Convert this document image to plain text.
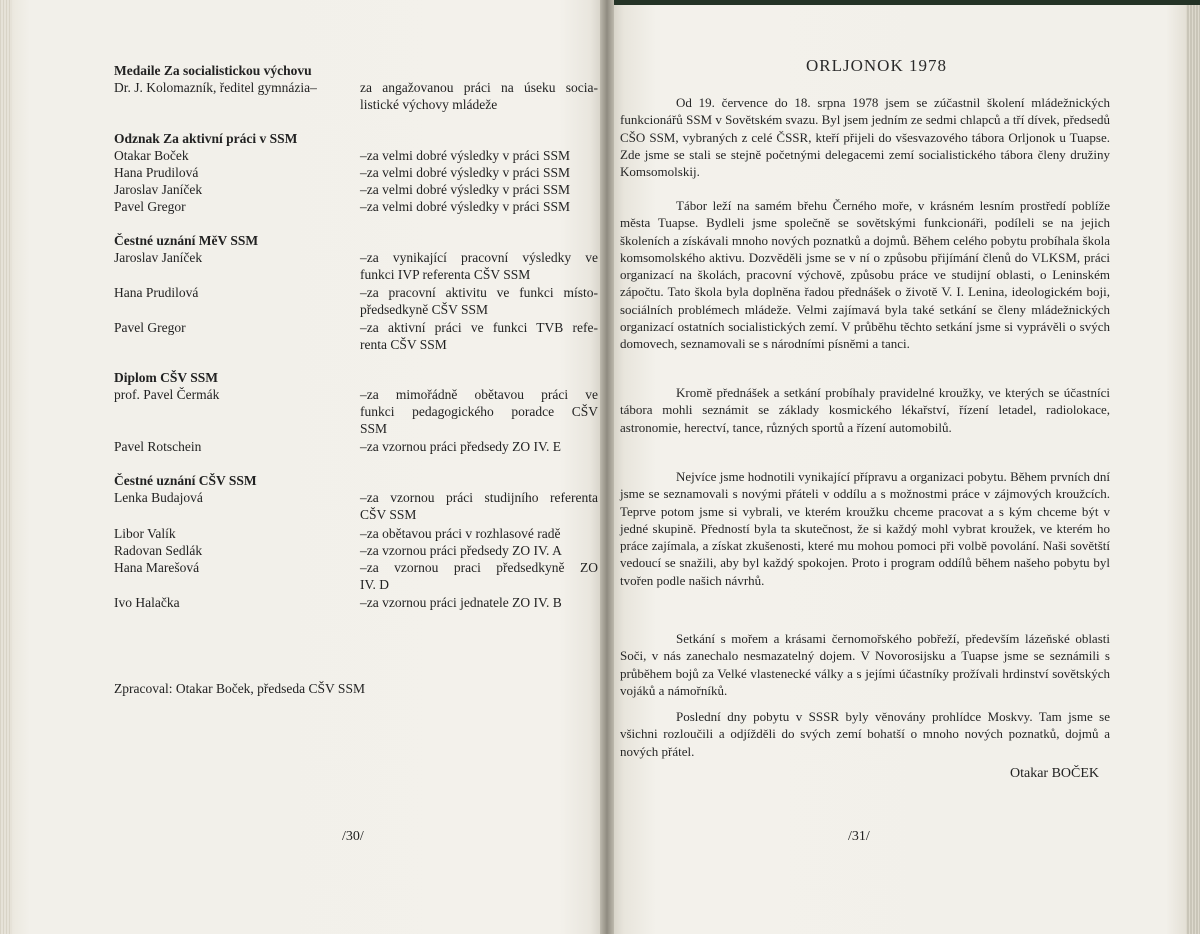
Medaile Za socialistickou výchovu
Dr. J. Kolomazník, ředitel gymnázia–	za angažovanou práci na úseku socia-
listické výchovy mládeže
Odznak Za aktivní práci v SSM
Otakar Boček	–za velmi dobré výsledky v práci SSM
Hana Prudilová	–za velmi dobré výsledky v práci SSM
Jaroslav Janíček	–za velmi dobré výsledky v práci SSM
Pavel Gregor	–za velmi dobré výsledky v práci SSM
Čestné uznání MěV SSM
Jaroslav Janíček	–za vynikající pracovní výsledky ve
funkci IVP referenta CŠV SSM
Hana Prudilová	–za pracovní aktivitu ve funkci místo-
předsedkyně CŠV SSM
Pavel Gregor	–za aktivní práci ve funkci TVB refe-
renta CŠV SSM
Diplom CŠV SSM
prof. Pavel Čermák	–za mimořádně obětavou práci ve
funkci pedagogického poradce CŠV
SSM
Pavel Rotschein	–za vzornou práci předsedy ZO IV. E
Čestné uznání CŠV SSM
Lenka Budajová	–za vzornou práci studijního referenta
CŠV SSM
Libor Valík	–za obětavou práci v rozhlasové radě
Radovan Sedlák	–za vzornou práci předsedy ZO IV. A
Hana Marešová	–za vzornou praci předsedkyně ZO
IV. D
Ivo Halačka	–za vzornou práci jednatele ZO IV. B
Zpracoval: Otakar Boček, předseda CŠV SSM
/30/
ORLJONOK 1978
Od 19. července do 18. srpna 1978 jsem se zúčastnil školení mládežnických funkcionářů SSM v Sovětském svazu. Byl jsem jedním ze sedmi chlapců a tří dívek, předsedů CŠO SSM, vybraných z celé ČSSR, kteří přijeli do všesvazového tábora Orljonok u Tuapse. Zde jsme se stali se stejně početnými delegacemi zemí socialistického tábora členy družiny Komsomolskij.
Tábor leží na samém břehu Černého moře, v krásném lesním prostředí poblíže města Tuapse. Bydleli jsme společně se sovětskými funkcionáři, podíleli se na jejich školeních a získávali mnoho nových poznatků a dojmů. Během celého pobytu probíhala škola komsomolského aktivu. Dozvěděli jsme se v ní o způsobu přijímání členů do VLKSM, práci organizací na školách, pracovní výchově, způsobu práce ve studijní oblasti, o Leninském zápočtu. Tato škola byla doplněna řadou přednášek o životě V. I. Lenina, ideologickém boji, sociálních problémech mládeže. Velmi zajímavá byla také setkání se členy mládežnických organizací ostatních socialistických zemí. V průběhu těchto setkání jsme si vyprávěli o svých domovech, seznamovali se s národními písněmi a tanci.
Kromě přednášek a setkání probíhaly pravidelné kroužky, ve kterých se účastníci tábora mohli seznámit se základy kosmického lékařství, řízení letadel, radiolokace, astronomie, herectví, tance, různých sportů a řízení automobilů.
Nejvíce jsme hodnotili vynikající přípravu a organizaci pobytu. Během prvních dní jsme se seznamovali s novými přáteli v oddílu a s možnostmi práce v zájmových kroužcích. Teprve potom jsme si vybrali, ve kterém kroužku chceme pracovat a s kým chceme být v jedné skupině. Předností byla ta skutečnost, že si každý mohl vybrat kroužek, ve kterém ho práce zajímala, a získat zkušenosti, které mu mohou pomoci při volbě povolání. Naši sovětští vedoucí se snažili, aby byl každý spokojen. Proto i program oddílů během našeho pobytu byl tvořen podle našich návrhů.
Setkání s mořem a krásami černomořského pobřeží, především lázeňské oblasti Soči, v nás zanechalo nesmazatelný dojem. V Novorosijsku a Tuapse jsme se seznámili s průběhem bojů za Velké vlastenecké války a s jejími účastníky prožívali hrdinství sovětských vojáků a námořníků.
Poslední dny pobytu v SSSR byly věnovány prohlídce Moskvy. Tam jsme se všichni rozloučili a odjížděli do svých zemí bohatší o mnoho nových poznatků, dojmů a nových přátel.
Otakar BOČEK
/31/
